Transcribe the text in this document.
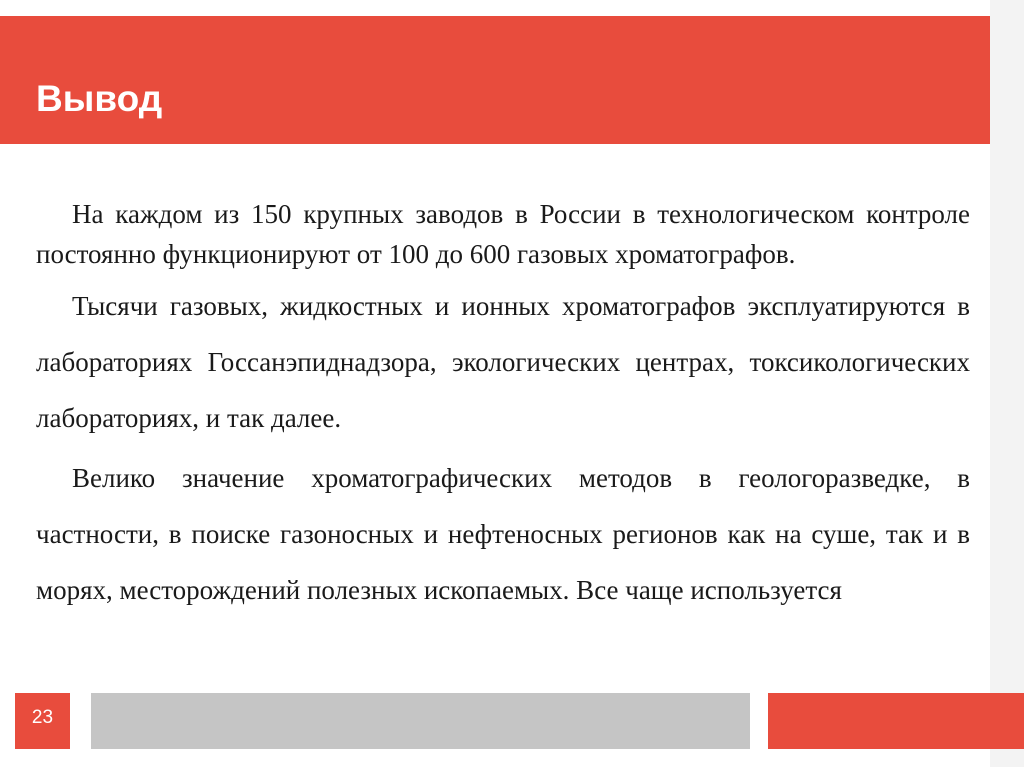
Вывод

На каждом из 150 крупных заводов в России в технологическом контроле постоянно функционируют от 100 до 600 газовых хроматографов.

Тысячи газовых, жидкостных и ионных хроматографов эксплуатируются в лабораториях Госсанэпиднадзора, экологических центрах, токсикологических лабораториях, и так далее.

Велико значение хроматографических методов в геологоразведке, в частности, в поиске газоносных и нефтеносных регионов как на суше, так и в морях, месторождений полезных ископаемых. Все чаще используется

23
